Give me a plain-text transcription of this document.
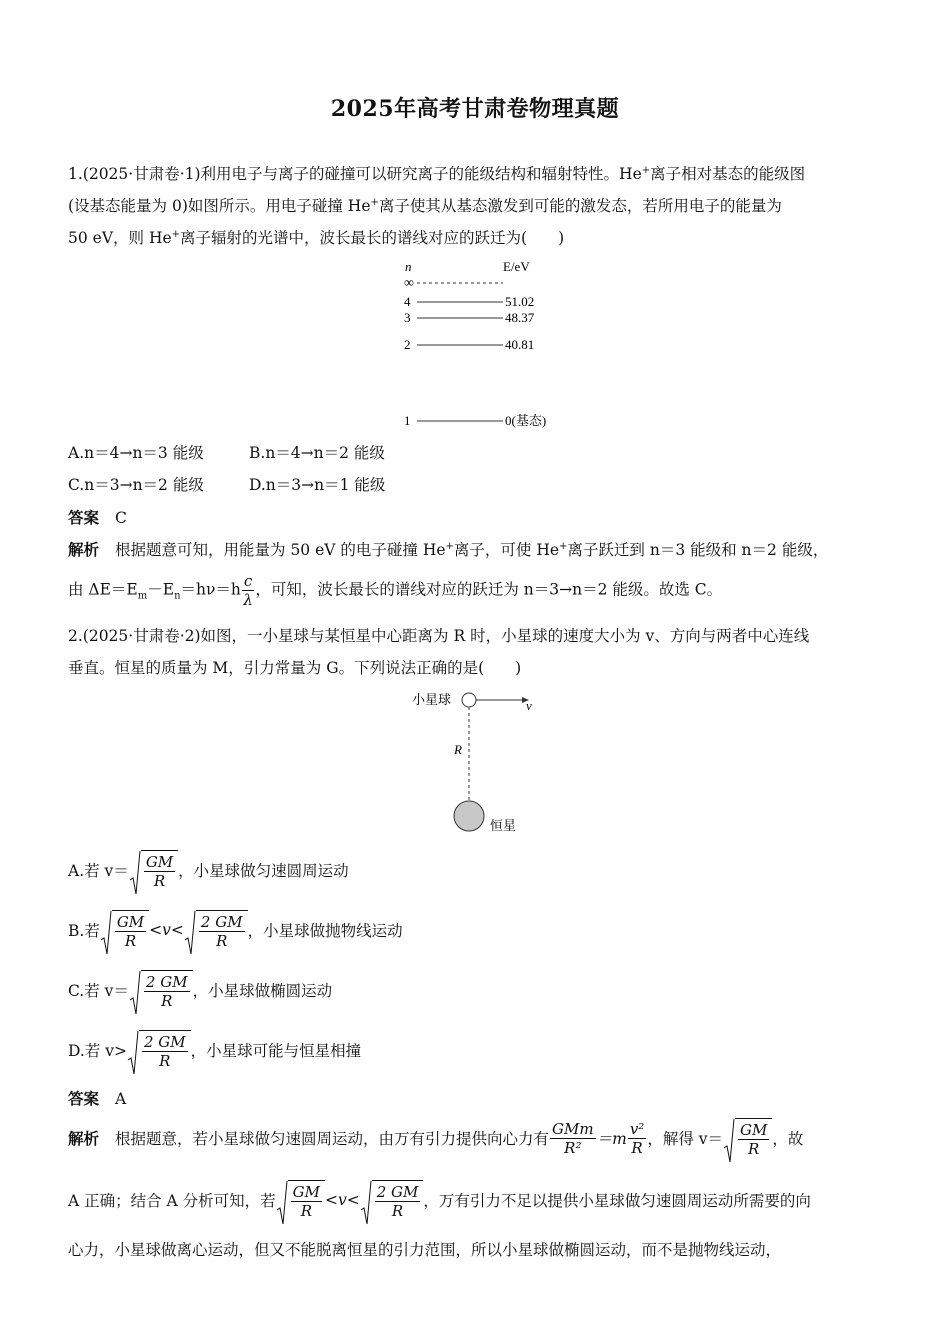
2025年高考甘肃卷物理真题
1.(2025·甘肃卷·1)利用电子与离子的碰撞可以研究离子的能级结构和辐射特性。He+离子相对基态的能级图
(设基态能量为 0)如图所示。用电子碰撞 He+离子使其从基态激发到可能的激发态，若所用电子的能量为
50 eV，则 He+离子辐射的光谱中，波长最长的谱线对应的跃迁为(　　)
n	E/eV
∞
4	51.02
3	48.37
2	40.81
1	0(基态)
A.n＝4→n＝3 能级	B.n＝4→n＝2 能级
C.n＝3→n＝2 能级	D.n＝3→n＝1 能级
答案 C
解析 根据题意可知，用能量为 50 eV 的电子碰撞 He+离子，可使 He+离子跃迁到 n＝3 能级和 n＝2 能级，
由 $\Delta E=E_m-E_n=h\nu=h \frac{c}{\lambda}$ ，可知，波长最长的谱线对应的跃迁为 n＝3→n＝2 能级。故选 C。
2.(2025·甘肃卷·2)如图，一小星球与某恒星中心距离为 R 时，小星球的速度大小为 v、方向与两者中心连线
垂直。恒星的质量为 M，引力常量为 G。下列说法正确的是(　　)
小星球	v
R
恒星
A.若 $v= \frac{GM}{R}$ ，小星球做匀速圆周运动
B.若 $\frac{GM}{R} <v< \frac{2 GM}{R}$ ，小星球做抛物线运动
C.若 $v= \frac{2 GM}{R}$ ，小星球做椭圆运动
D.若 $v> \frac{2 GM}{R}$ ，小星球可能与恒星相撞
答案 A
解析 根据题意，若小星球做匀速圆周运动，由万有引力提供向心力有 $\frac{\text{GMm}}{\text{R²}} =m \frac{\text{v²}}{R}$ ，解得 $v= \frac{GM}{R}$ ，故
A 正确；结合 A 分析可知，若 $\frac{GM}{R} <v< \frac{2 GM}{R}$ ，万有引力不足以提供小星球做匀速圆周运动所需要的向
心力，小星球做离心运动，但又不能脱离恒星的引力范围，所以小星球做椭圆运动，而不是抛物线运动，
